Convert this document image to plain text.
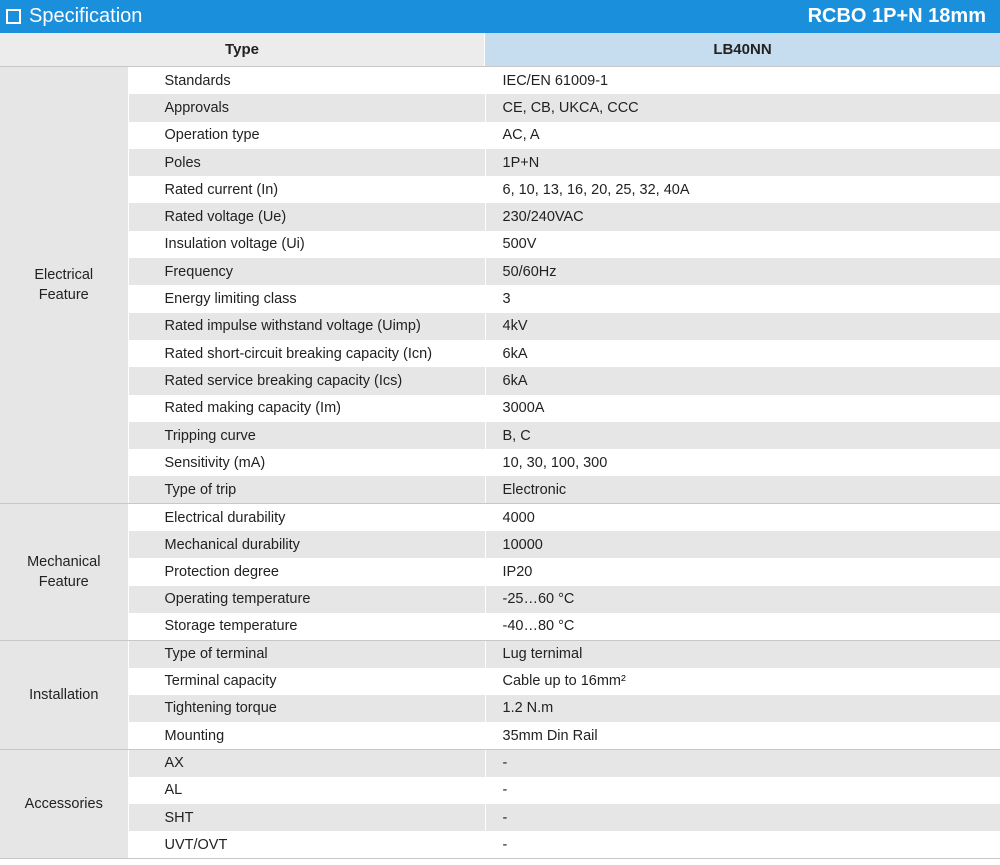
Specification	RCBO 1P+N 18mm
Type	LB40NN
Electrical
Feature	Standards	IEC/EN 61009-1
	Approvals	CE, CB, UKCA, CCC
	Operation type	AC, A
	Poles	1P+N
	Rated current (In)	6, 10, 13, 16, 20, 25, 32, 40A
	Rated voltage (Ue)	230/240VAC
	Insulation voltage (Ui)	500V
	Frequency	50/60Hz
	Energy limiting class	3
	Rated impulse withstand voltage (Uimp)	4kV
	Rated short-circuit breaking capacity (Icn)	6kA
	Rated service breaking capacity (Ics)	6kA
	Rated making capacity (Im)	3000A
	Tripping curve	B, C
	Sensitivity (mA)	10, 30, 100, 300
	Type of trip	Electronic
Mechanical
Feature	Electrical durability	4000
	Mechanical durability	10000
	Protection degree	IP20
	Operating temperature	-25…60 °C
	Storage temperature	-40…80 °C
Installation	Type of terminal	Lug ternimal
	Terminal capacity	Cable up to 16mm²
	Tightening torque	1.2 N.m
	Mounting	35mm Din Rail
Accessories	AX	-
	AL	-
	SHT	-
	UVT/OVT	-
